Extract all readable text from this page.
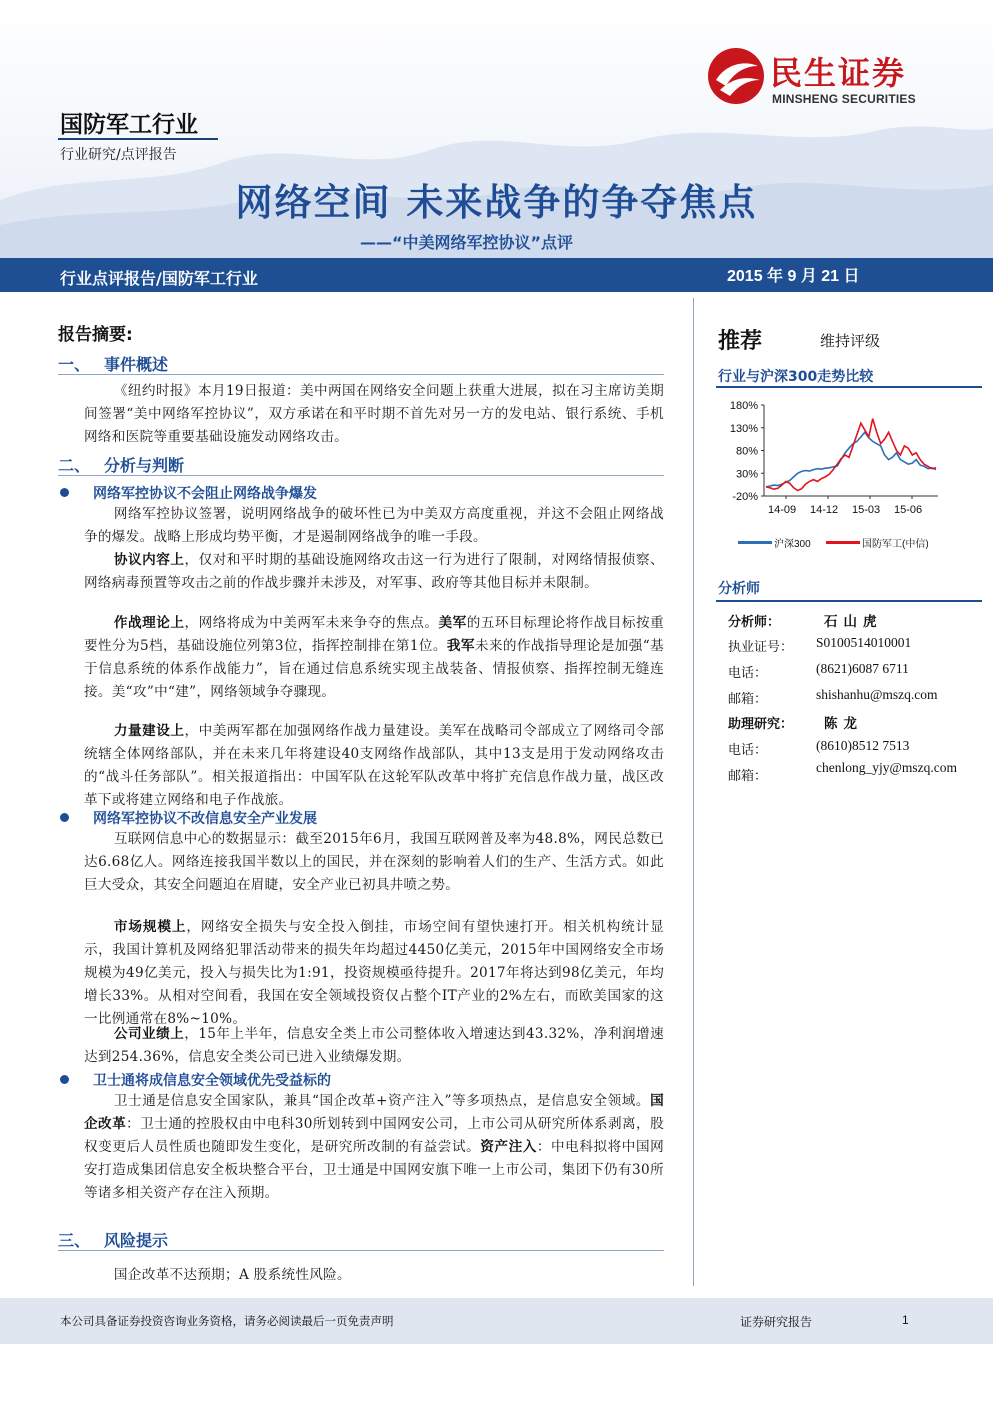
民生证券
MINSHENG SECURITIES
国防军工行业
行业研究/点评报告
网络空间 未来战争的争夺焦点
——“中美网络军控协议”点评
行业点评报告/国防军工行业	2015 年 9 月 21 日
报告摘要:
一、 事件概述
《纽约时报》本月19日报道：美中两国在网络安全问题上获重大进展，拟在习主席访美期间签署“美中网络军控协议”，双方承诺在和平时期不首先对另一方的发电站、银行系统、手机网络和医院等重要基础设施发动网络攻击。
二、 分析与判断
网络军控协议不会阻止网络战争爆发
网络军控协议签署，说明网络战争的破坏性已为中美双方高度重视，并这不会阻止网络战争的爆发。战略上形成均势平衡，才是遏制网络战争的唯一手段。
协议内容上，仅对和平时期的基础设施网络攻击这一行为进行了限制，对网络情报侦察、网络病毒预置等攻击之前的作战步骤并未涉及，对军事、政府等其他目标并未限制。
作战理论上，网络将成为中美两军未来争夺的焦点。美军的五环目标理论将作战目标按重要性分为5档，基础设施位列第3位，指挥控制排在第1位。我军未来的作战指导理论是加强“基于信息系统的体系作战能力”，旨在通过信息系统实现主战装备、情报侦察、指挥控制无缝连接。美“攻”中“建”，网络领域争夺骤现。
力量建设上，中美两军都在加强网络作战力量建设。美军在战略司令部成立了网络司令部统辖全体网络部队，并在未来几年将建设40支网络作战部队，其中13支是用于发动网络攻击的“战斗任务部队”。相关报道指出：中国军队在这轮军队改革中将扩充信息作战力量，战区改革下或将建立网络和电子作战旅。
网络军控协议不改信息安全产业发展
互联网信息中心的数据显示：截至2015年6月，我国互联网普及率为48.8%，网民总数已达6.68亿人。网络连接我国半数以上的国民，并在深刻的影响着人们的生产、生活方式。如此巨大受众，其安全问题迫在眉睫，安全产业已初具井喷之势。
市场规模上，网络安全损失与安全投入倒挂，市场空间有望快速打开。相关机构统计显示，我国计算机及网络犯罪活动带来的损失年均超过4450亿美元，2015年中国网络安全市场规模为49亿美元，投入与损失比为1:91，投资规模亟待提升。2017年将达到98亿美元，年均增长33%。从相对空间看，我国在安全领域投资仅占整个IT产业的2%左右，而欧美国家的这一比例通常在8%~10%。
公司业绩上，15年上半年，信息安全类上市公司整体收入增速达到43.32%，净利润增速达到254.36%，信息安全类公司已进入业绩爆发期。
卫士通将成信息安全领域优先受益标的
卫士通是信息安全国家队，兼具“国企改革+资产注入”等多项热点，是信息安全领域。国企改革：卫士通的控股权由中电科30所划转到中国网安公司，上市公司从研究所体系剥离，股权变更后人员性质也随即发生变化，是研究所改制的有益尝试。资产注入：中电科拟将中国网安打造成集团信息安全板块整合平台，卫士通是中国网安旗下唯一上市公司，集团下仍有30所等诸多相关资产存在注入预期。
三、 风险提示
国企改革不达预期；A 股系统性风险。
推荐	维持评级
行业与沪深300走势比较
180%
130%
80%
30%
-20%
14-09 14-12 15-03 15-06
沪深300	国防军工(中信)
分析师
分析师：	石山虎
执业证号： S0100514010001
电话：	(8621)6087 6711
邮箱：	shishanhu@mszq.com
助理研究： 陈龙
电话：	(8610)8512 7513
邮箱：
chenlong_yjy@mszq.com
本公司具备证券投资咨询业务资格，请务必阅读最后一页免责声明	证券研究报告	1
